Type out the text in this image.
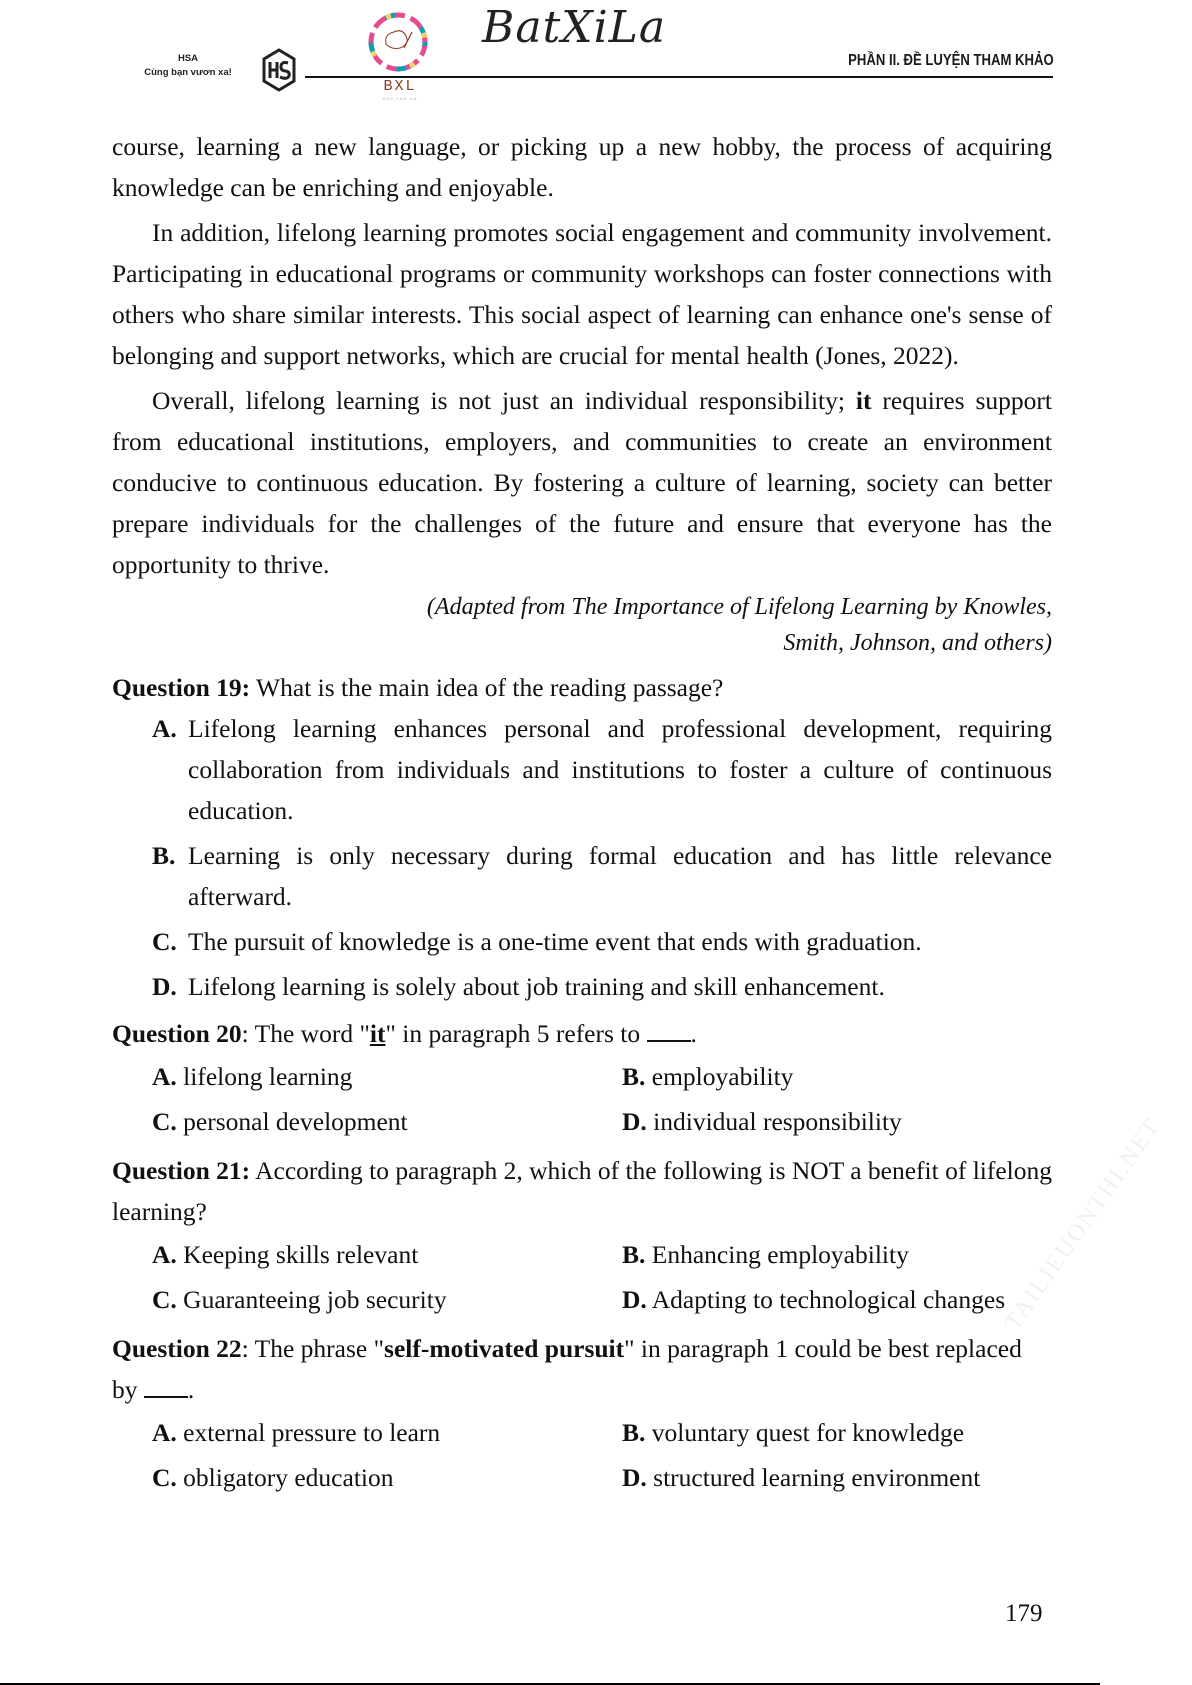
HSA
Cùng bạn vươn xa!
BXL
HỌC THẢ GA
BatXiLa
PHẦN II. ĐỀ LUYỆN THAM KHẢO

course, learning a new language, or picking up a new hobby, the process of acquiring knowledge can be enriching and enjoyable.

In addition, lifelong learning promotes social engagement and community involvement. Participating in educational programs or community workshops can foster connections with others who share similar interests. This social aspect of learning can enhance one's sense of belonging and support networks, which are crucial for mental health (Jones, 2022).

Overall, lifelong learning is not just an individual responsibility; it requires support from educational institutions, employers, and communities to create an environment conducive to continuous education. By fostering a culture of learning, society can better prepare individuals for the challenges of the future and ensure that everyone has the opportunity to thrive.

(Adapted from The Importance of Lifelong Learning by Knowles,
Smith, Johnson, and others)
Question 19: What is the main idea of the reading passage?
A. Lifelong learning enhances personal and professional development, requiring collaboration from individuals and institutions to foster a culture of continuous education.
B. Learning is only necessary during formal education and has little relevance afterward.
C. The pursuit of knowledge is a one-time event that ends with graduation.
D. Lifelong learning is solely about job training and skill enhancement.
Question 20: The word "it" in paragraph 5 refers to .
A. lifelong learning	B. employability
C. personal development	D. individual responsibility
Question 21: According to paragraph 2, which of the following is NOT a benefit of lifelong learning?
A. Keeping skills relevant	B. Enhancing employability
C. Guaranteeing job security	D. Adapting to technological changes
Question 22: The phrase "self-motivated pursuit" in paragraph 1 could be best replaced by .
A. external pressure to learn	B. voluntary quest for knowledge
C. obligatory education	D. structured learning environment
TAILIEUONTHI.NET
179
